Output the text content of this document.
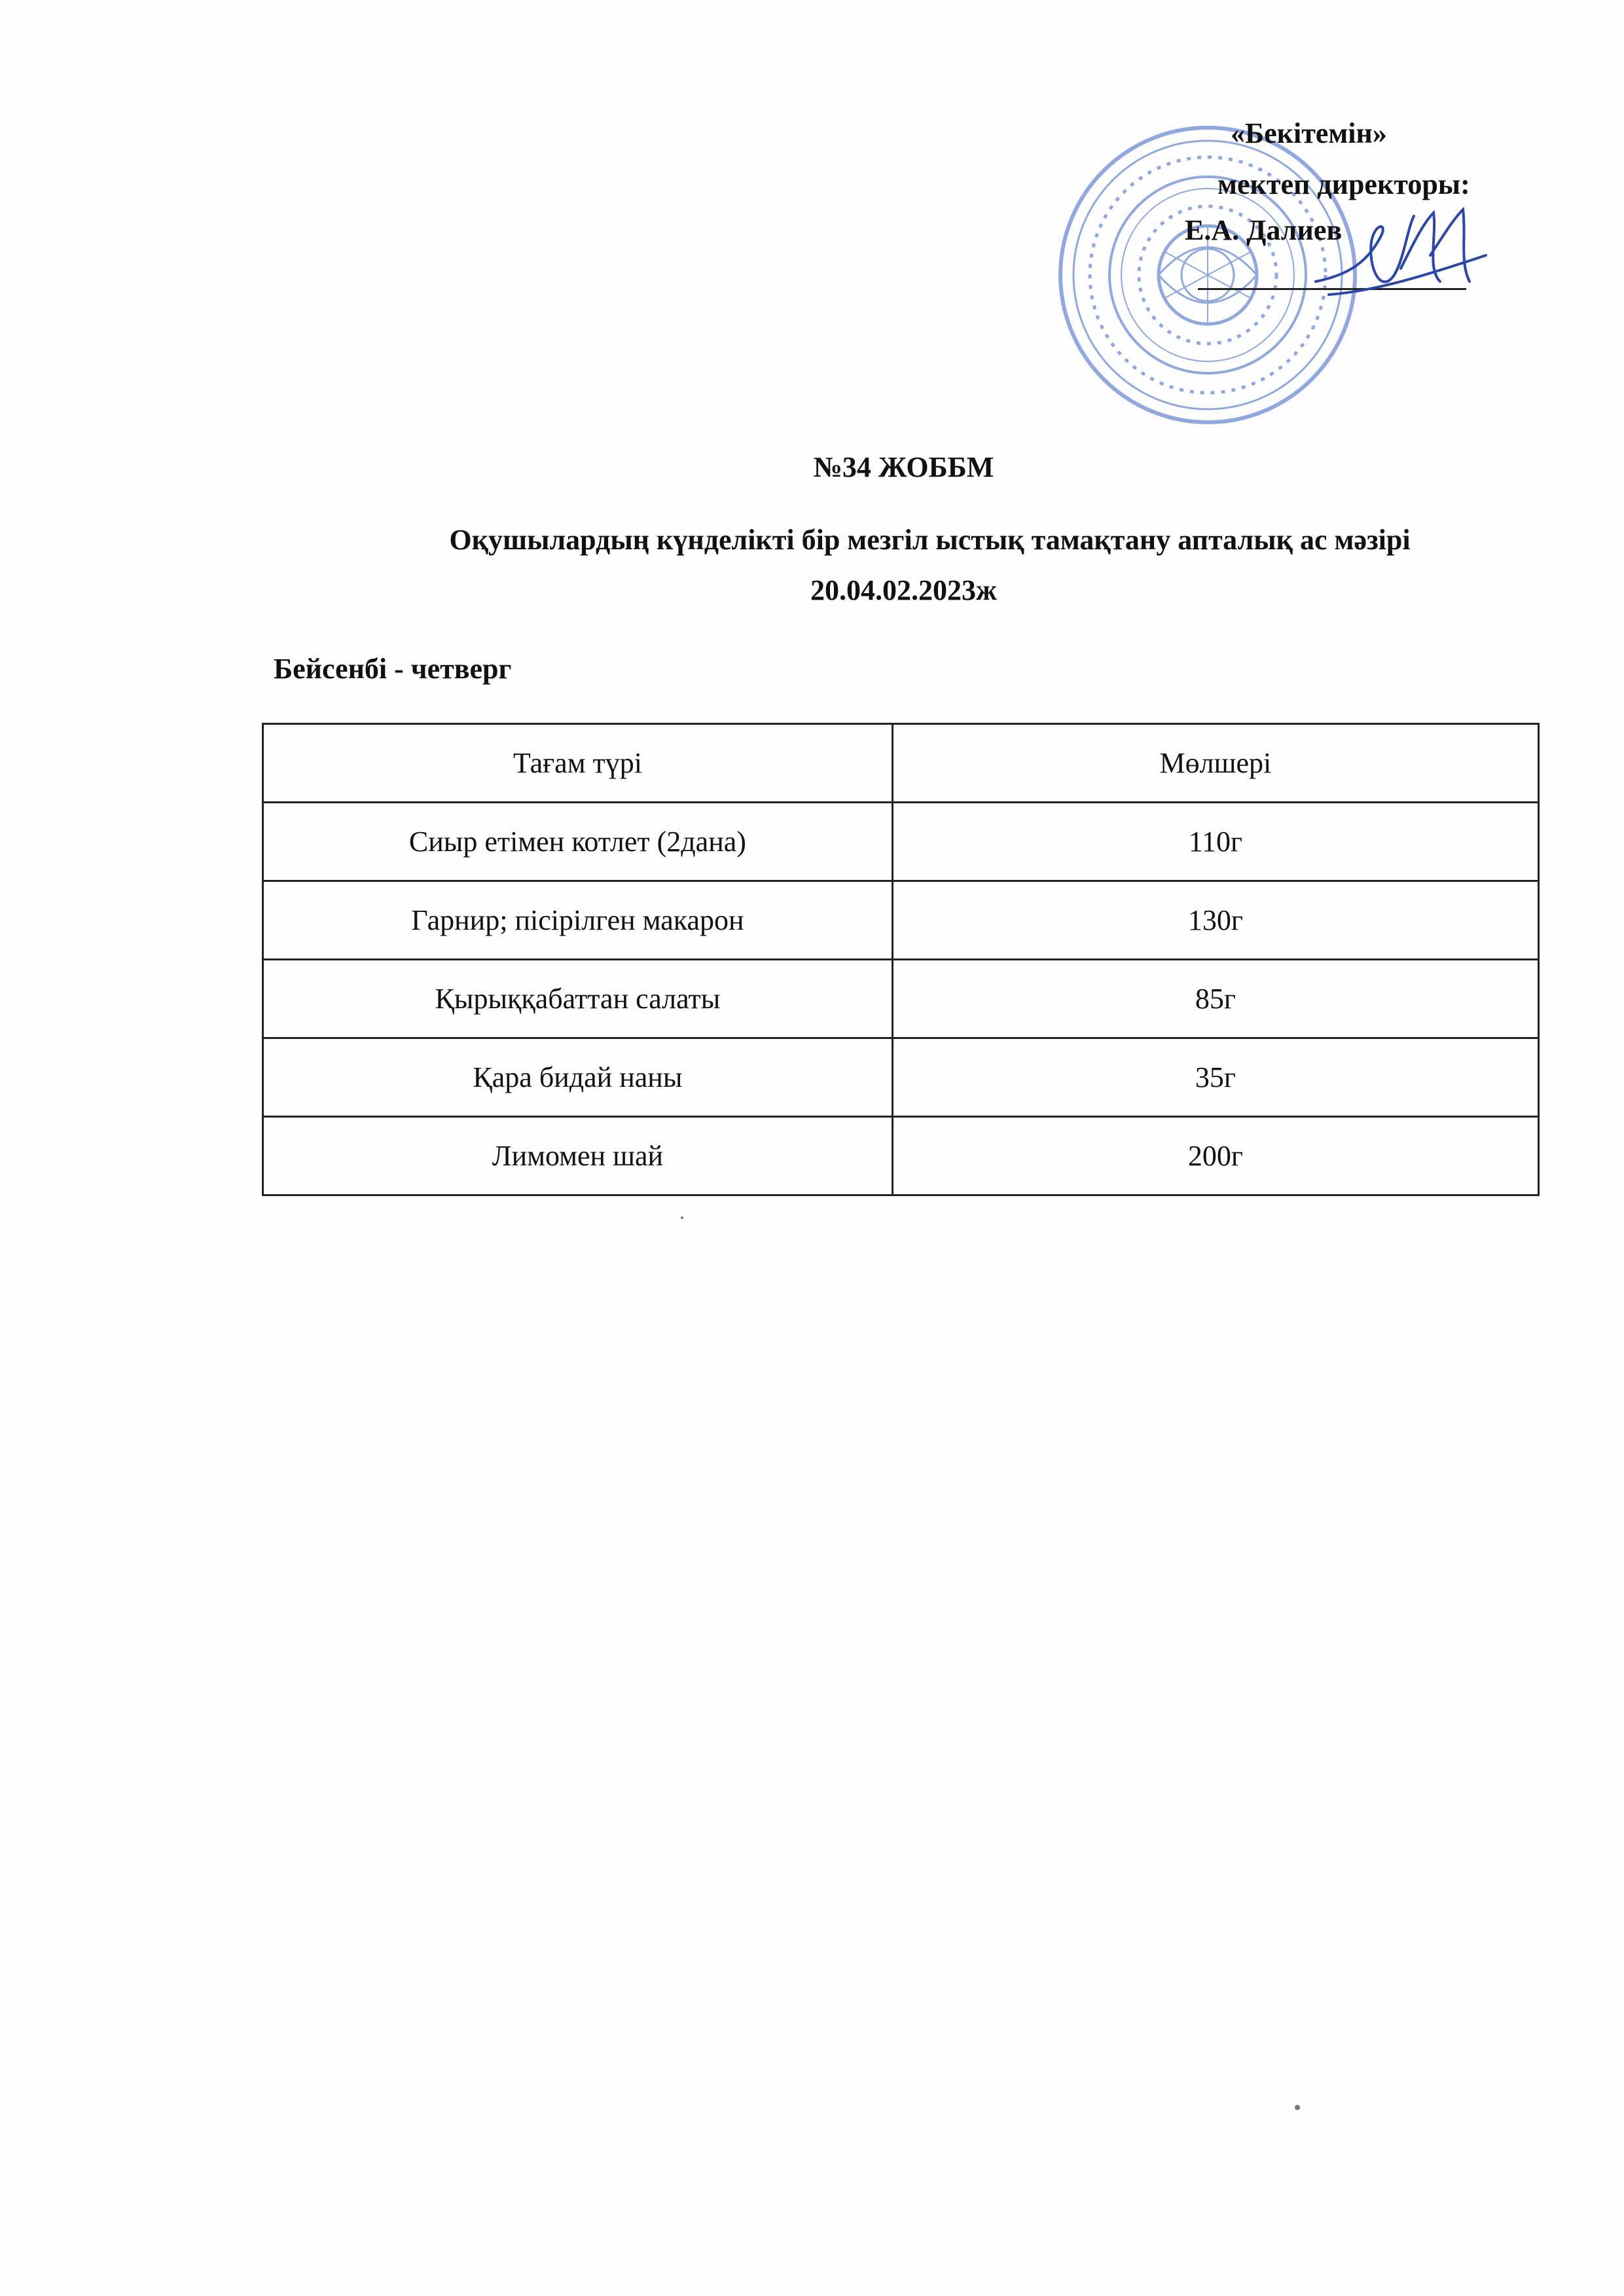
«Бекітемін»
мектеп директоры:
Е.А. Далиев
№34 ЖОББМ
Оқушылардың күнделікті бір мезгіл ыстық тамақтану апталық ас мәзірі
20.04.02.2023ж
Бейсенбі - четверг
Тағам түрі	Мөлшері
Сиыр етімен котлет (2дана)	110г
Гарнир; пісірілген макарон	130г
Қырыққабаттан салаты	85г
Қара бидай наны	35г
Лимомен шай	200г
